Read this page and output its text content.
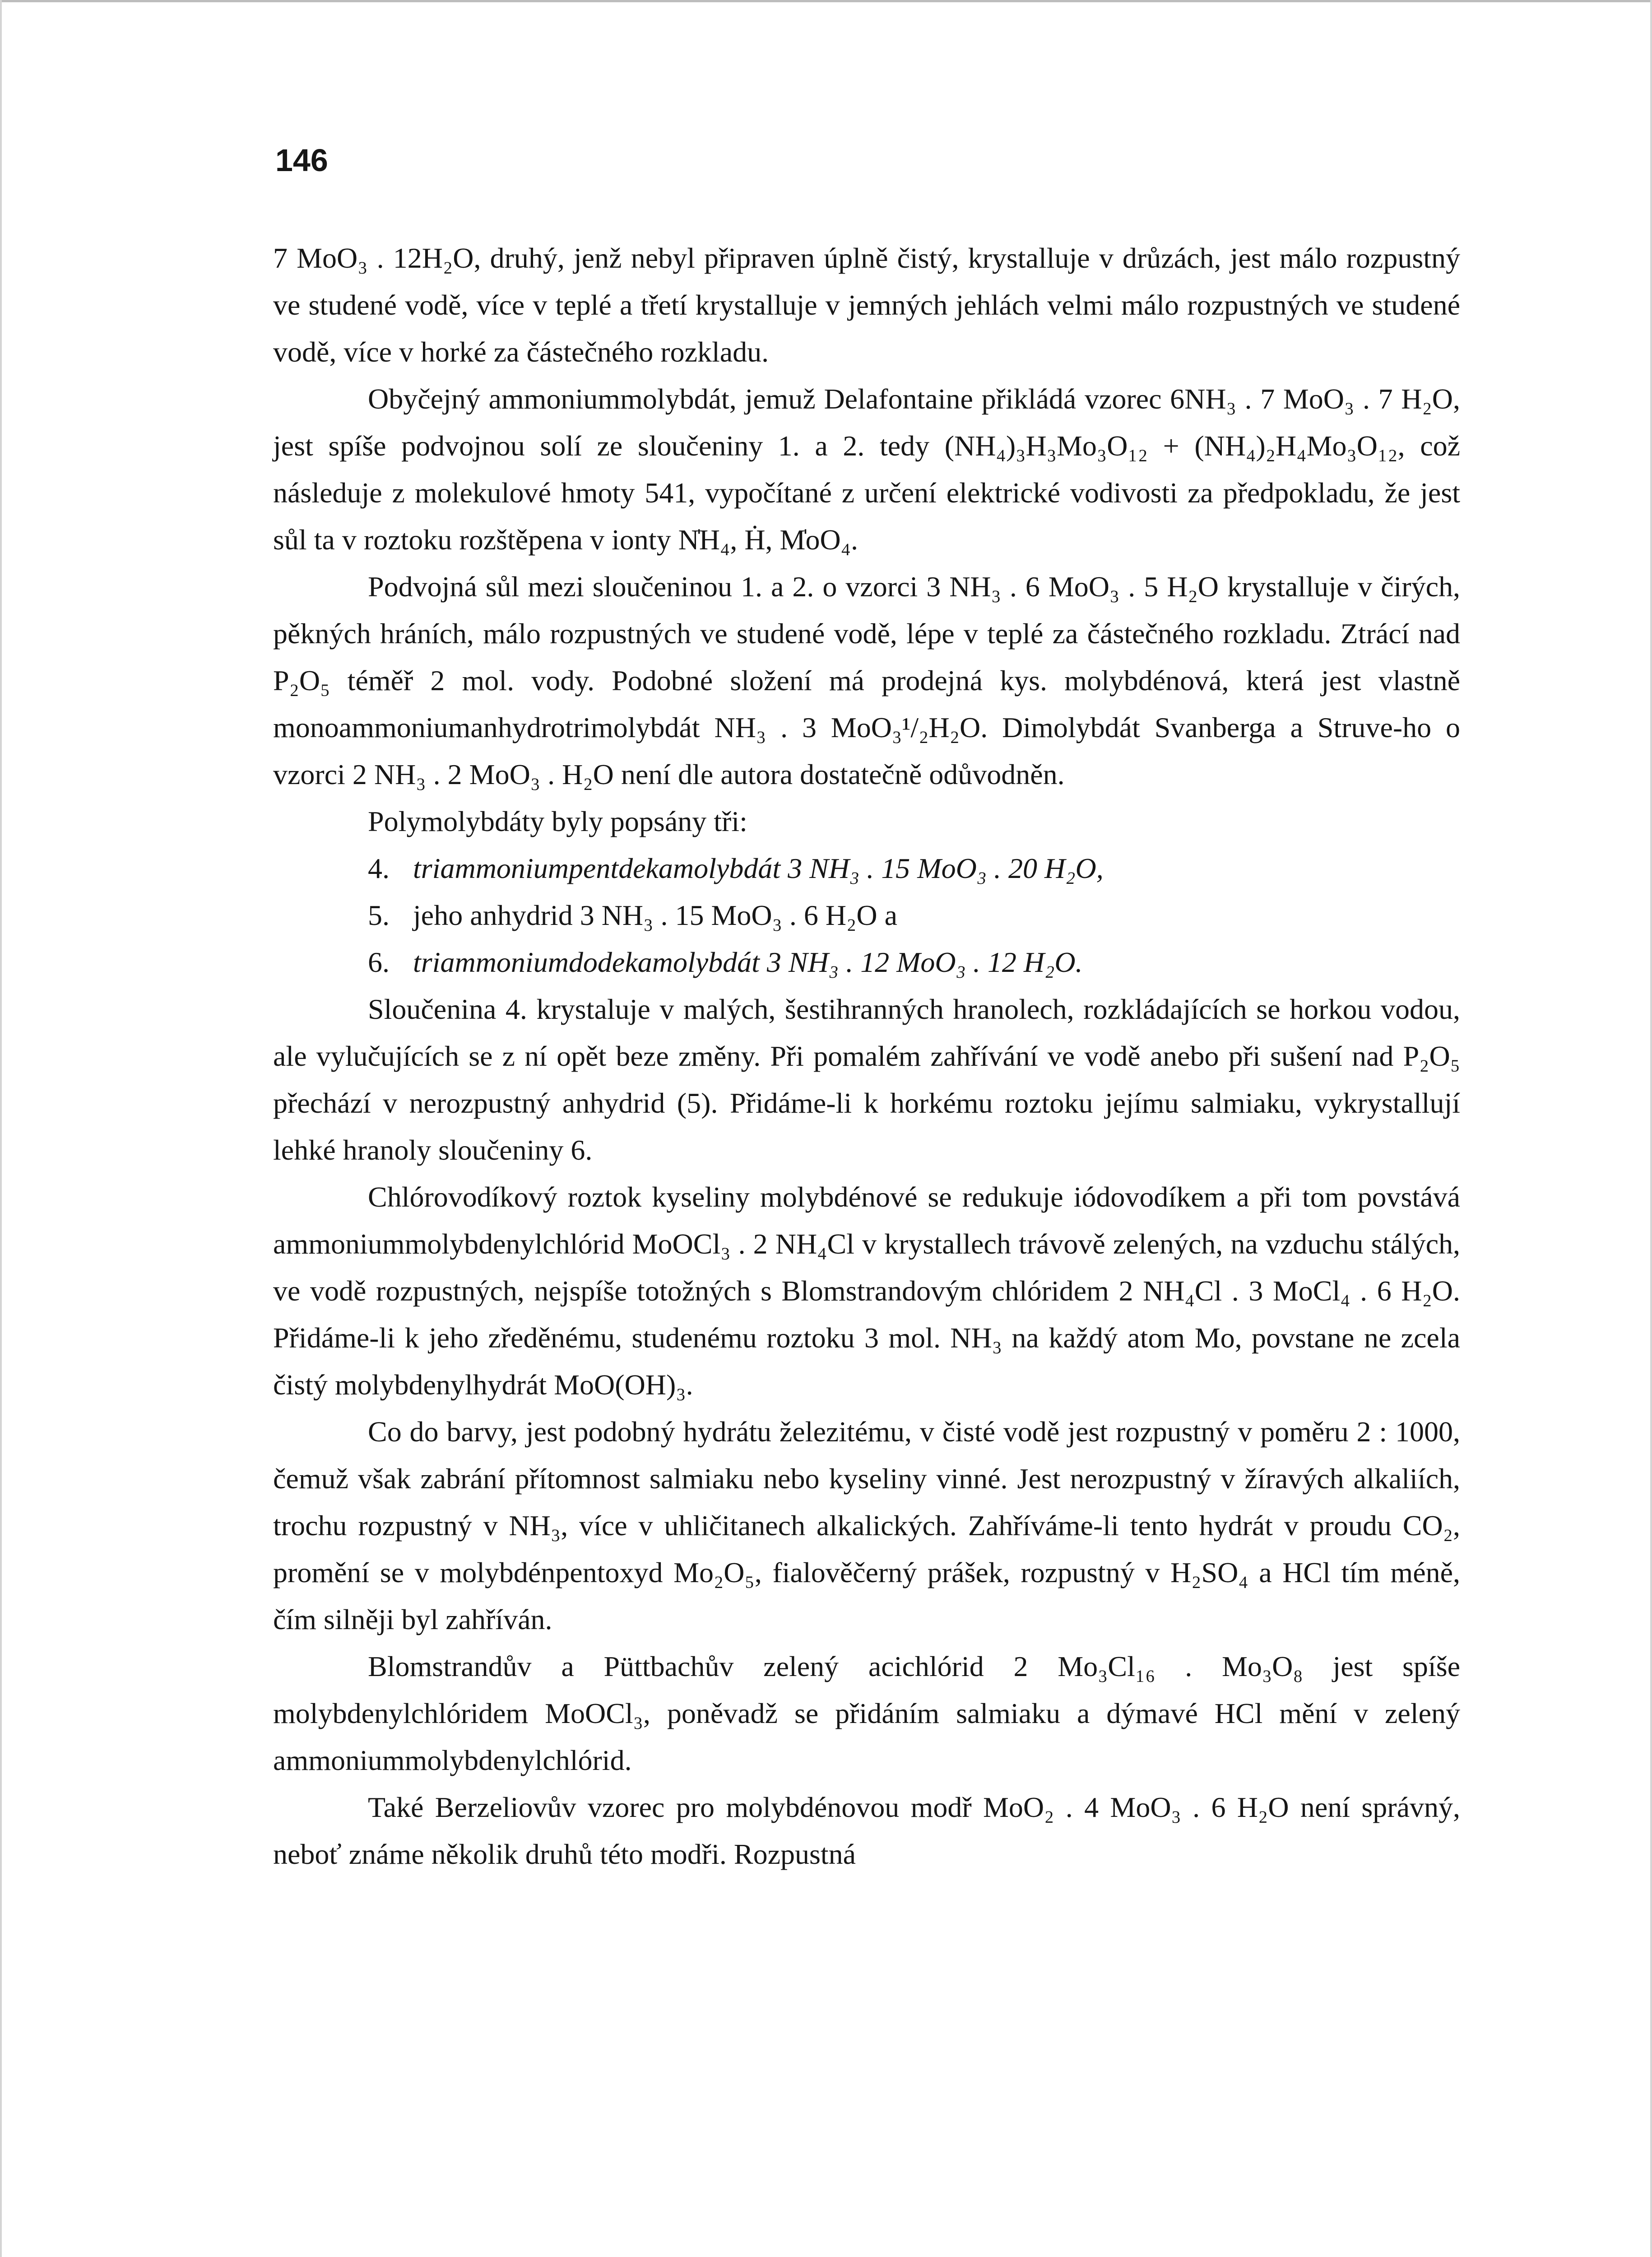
146

7 MoO₃ . 12H₂O, druhý, jenž nebyl připraven úplně čistý, krystalluje v drůzách, jest málo rozpustný ve studené vodě, více v teplé a třetí krystalluje v jemných jehlách velmi málo rozpustných ve studené vodě, více v horké za částečného rozkladu.

Obyčejný ammoniummolybdát, jemuž Delafontaine přikládá vzorec 6NH₃ . 7 MoO₃ . 7 H₂O, jest spíše podvojnou solí ze sloučeniny 1. a 2. tedy (NH₄)₃H₃Mo₃O₁₂ + (NH₄)₂H₄Mo₃O₁₂, což následuje z molekulové hmoty 541, vypočítané z určení elektrické vodivosti za předpokladu, že jest sůl ta v roztoku rozštěpena v ionty N̍H₄, Ḣ, M̍oO₄.

Podvojná sůl mezi sloučeninou 1. a 2. o vzorci 3 NH₃ . 6 MoO₃ . 5 H₂O krystalluje v čirých, pěkných hráních, málo rozpustných ve studené vodě, lépe v teplé za částečného rozkladu. Ztrácí nad P₂O₅ téměř 2 mol. vody. Podobné složení má prodejná kys. molybdénová, která jest vlastně monoammoniumanhydrotrimolybdát NH₃ . 3 MoO₃¹/₂H₂O. Dimolybdát Svanberga a Struve-ho o vzorci 2 NH₃ . 2 MoO₃ . H₂O není dle autora dostatečně odůvodněn.

Polymolybdáty byly popsány tři:

4. triammoniumpentdekamolybdát 3 NH₃ . 15 MoO₃ . 20 H₂O,
5. jeho anhydrid 3 NH₃ . 15 MoO₃ . 6 H₂O a
6. triammoniumdodekamolybdát 3 NH₃ . 12 MoO₃ . 12 H₂O.

Sloučenina 4. krystaluje v malých, šestihranných hranolech, rozkládajících se horkou vodou, ale vylučujících se z ní opět beze změny. Při pomalém zahřívání ve vodě anebo při sušení nad P₂O₅ přechází v nerozpustný anhydrid (5). Přidáme-li k horkému roztoku jejímu salmiaku, vykrystallují lehké hranoly sloučeniny 6.

Chlórovodíkový roztok kyseliny molybdénové se redukuje iódovodíkem a při tom povstává ammoniummolybdenylchlórid MoOCl₃ . 2 NH₄Cl v krystallech trávově zelených, na vzduchu stálých, ve vodě rozpustných, nejspíše totožných s Blomstrandovým chlóridem 2 NH₄Cl . 3 MoCl₄ . 6 H₂O. Přidáme-li k jeho zředěnému, studenému roztoku 3 mol. NH₃ na každý atom Mo, povstane ne zcela čistý molybdenylhydrát MoO(OH)₃.

Co do barvy, jest podobný hydrátu železitému, v čisté vodě jest rozpustný v poměru 2 : 1000, čemuž však zabrání přítomnost salmiaku nebo kyseliny vinné. Jest nerozpustný v žíravých alkaliích, trochu rozpustný v NH₃, více v uhličitanech alkalických. Zahříváme-li tento hydrát v proudu CO₂, promění se v molybdénpentoxyd Mo₂O₅, fialověčerný prášek, rozpustný v H₂SO₄ a HCl tím méně, čím silněji byl zahříván.

Blomstrandův a Püttbachův zelený acichlórid 2 Mo₃Cl₁₆ . Mo₃O₈ jest spíše molybdenylchlóridem MoOCl₃, poněvadž se přidáním salmiaku a dýmavé HCl mění v zelený ammoniummolybdenylchlórid.

Také Berzeliovův vzorec pro molybdénovou modř MoO₂ . 4 MoO₃ . 6 H₂O není správný, neboť známe několik druhů této modři. Rozpustná
